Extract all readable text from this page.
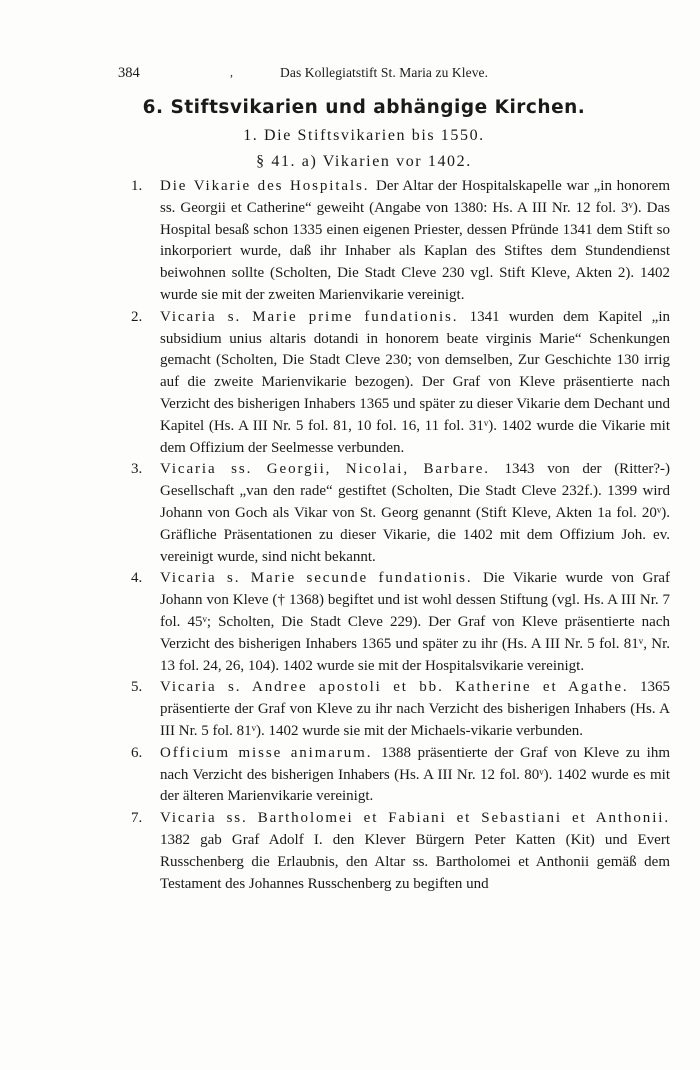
384	,	Das Kollegiatstift St. Maria zu Kleve.
6. Stiftsvikarien und abhängige Kirchen.
1. Die Stiftsvikarien bis 1550.
§ 41. a) Vikarien vor 1402.
1. Die Vikarie des Hospitals. Der Altar der Hospitalskapelle war „in honorem ss. Georgii et Catherine“ geweiht (Angabe von 1380: Hs. A III Nr. 12 fol. 3ᵛ). Das Hospital besaß schon 1335 einen eigenen Priester, dessen Pfründe 1341 dem Stift so inkorporiert wurde, daß ihr Inhaber als Kaplan des Stiftes dem Stundendienst beiwohnen sollte (Scholten, Die Stadt Cleve 230 vgl. Stift Kleve, Akten 2). 1402 wurde sie mit der zweiten Marienvikarie vereinigt.
2. Vicaria s. Marie prime fundationis. 1341 wurden dem Kapitel „in subsidium unius altaris dotandi in honorem beate virginis Marie“ Schenkungen gemacht (Scholten, Die Stadt Cleve 230; von demselben, Zur Geschichte 130 irrig auf die zweite Marienvikarie bezogen). Der Graf von Kleve präsentierte nach Verzicht des bisherigen Inhabers 1365 und später zu dieser Vikarie dem Dechant und Kapitel (Hs. A III Nr. 5 fol. 81, 10 fol. 16, 11 fol. 31ᵛ). 1402 wurde die Vikarie mit dem Offizium der Seelmesse verbunden.
3. Vicaria ss. Georgii, Nicolai, Barbare. 1343 von der (Ritter?-) Gesellschaft „van den rade“ gestiftet (Scholten, Die Stadt Cleve 232f.). 1399 wird Johann von Goch als Vikar von St. Georg genannt (Stift Kleve, Akten 1a fol. 20ᵛ). Gräfliche Präsentationen zu dieser Vikarie, die 1402 mit dem Offizium Joh. ev. vereinigt wurde, sind nicht bekannt.
4. Vicaria s. Marie secunde fundationis. Die Vikarie wurde von Graf Johann von Kleve († 1368) begiftet und ist wohl dessen Stiftung (vgl. Hs. A III Nr. 7 fol. 45ᵛ; Scholten, Die Stadt Cleve 229). Der Graf von Kleve präsentierte nach Verzicht des bisherigen Inhabers 1365 und später zu ihr (Hs. A III Nr. 5 fol. 81ᵛ, Nr. 13 fol. 24, 26, 104). 1402 wurde sie mit der Hospitalsvikarie vereinigt.
5. Vicaria s. Andree apostoli et bb. Katherine et Agathe. 1365 präsentierte der Graf von Kleve zu ihr nach Verzicht des bisherigen Inhabers (Hs. A III Nr. 5 fol. 81ᵛ). 1402 wurde sie mit der Michaels-vikarie verbunden.
6. Officium misse animarum. 1388 präsentierte der Graf von Kleve zu ihm nach Verzicht des bisherigen Inhabers (Hs. A III Nr. 12 fol. 80ᵛ). 1402 wurde es mit der älteren Marienvikarie vereinigt.
7. Vicaria ss. Bartholomei et Fabiani et Sebastiani et Anthonii. 1382 gab Graf Adolf I. den Klever Bürgern Peter Katten (Kit) und Evert Russchenberg die Erlaubnis, den Altar ss. Bartholomei et Anthonii gemäß dem Testament des Johannes Russchenberg zu begiften und
